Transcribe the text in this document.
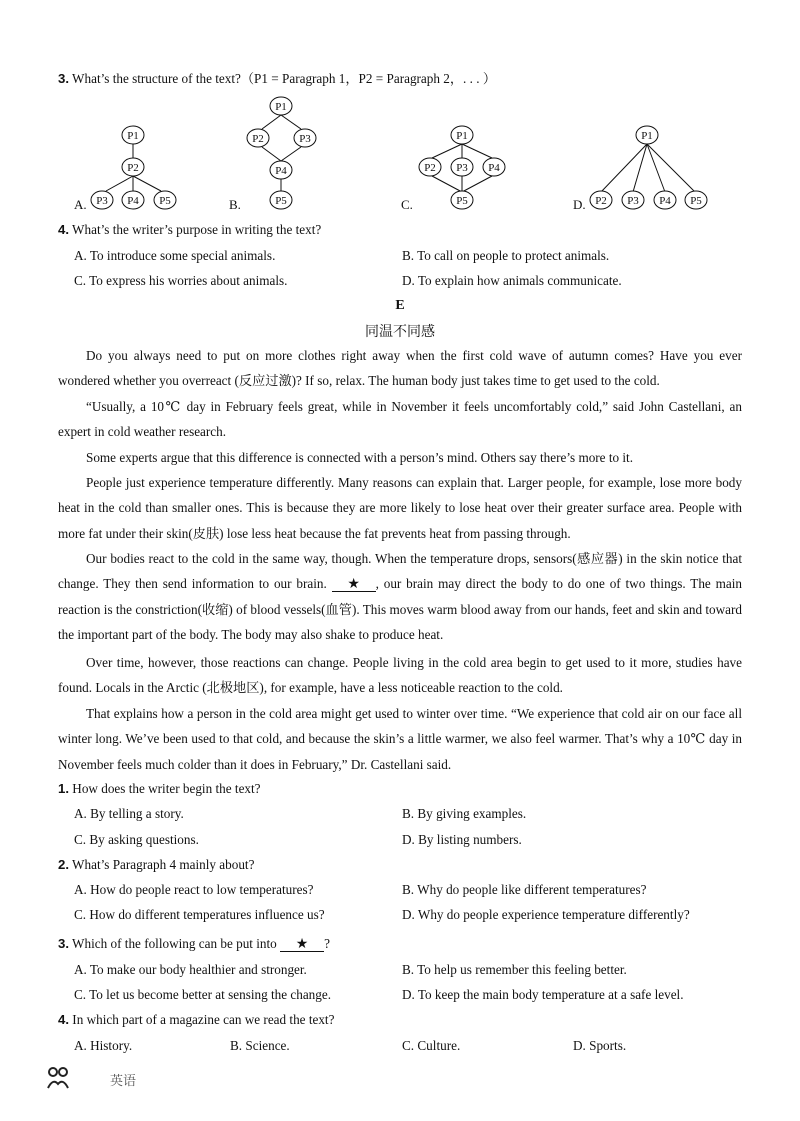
3. What’s the structure of the text?（P1 = Paragraph 1，P2 = Paragraph 2，. . . ）
P1
P2
P3 P4 P5
P1
P2	P3
P4
P5
P1
P2 P3 P4
P5
P1
P2 P3 P4 P5
A.	B.	C.	D.
4. What’s the writer’s purpose in writing the text?
A. To introduce some special animals.	B. To call on people to protect animals.
C. To express his worries about animals.	D. To explain how animals communicate.
E
同温不同感
Do you always need to put on more clothes right away when the first cold wave of autumn comes? Have you ever wondered whether you overreact (反应过激)? If so, relax. The human body just takes time to get used to the cold.
“Usually, a 10℃ day in February feels great, while in November it feels uncomfortably cold,” said John Castellani, an expert in cold weather research.
Some experts argue that this difference is connected with a person’s mind. Others say there’s more to it.
People just experience temperature differently. Many reasons can explain that. Larger people, for example, lose more body heat in the cold than smaller ones. This is because they are more likely to lose heat over their greater surface area. People with more fat under their skin(皮肤) lose less heat because the fat prevents heat from passing through.
Our bodies react to the cold in the same way, though. When the temperature drops, sensors(感应器) in the skin notice that change. They then send information to our brain. ★ , our brain may direct the body to do one of two things. The main reaction is the constriction(收缩) of blood vessels(血管). This moves warm blood away from our hands, feet and skin and toward the important part of the body. The body may also shake to produce heat.
Over time, however, those reactions can change. People living in the cold area begin to get used to it more, studies have found. Locals in the Arctic (北极地区), for example, have a less noticeable reaction to the cold.
That explains how a person in the cold area might get used to winter over time. “We experience that cold air on our face all winter long. We’ve been used to that cold, and because the skin’s a little warmer, we also feel warmer. That’s why a 10℃ day in November feels much colder than it does in February,” Dr. Castellani said.
1. How does the writer begin the text?
A. By telling a story.	B. By giving examples.
C. By asking questions.	D. By listing numbers.
2. What’s Paragraph 4 mainly about?
A. How do people react to low temperatures?	B. Why do people like different temperatures?
C. How do different temperatures influence us?	D. Why do people experience temperature differently?
3. Which of the following can be put into ★ ?
A. To make our body healthier and stronger.	B. To help us remember this feeling better.
C. To let us become better at sensing the change.	D. To keep the main body temperature at a safe level.
4. In which part of a magazine can we read the text?
A. History.	B. Science.	C. Culture.	D. Sports.
英语
